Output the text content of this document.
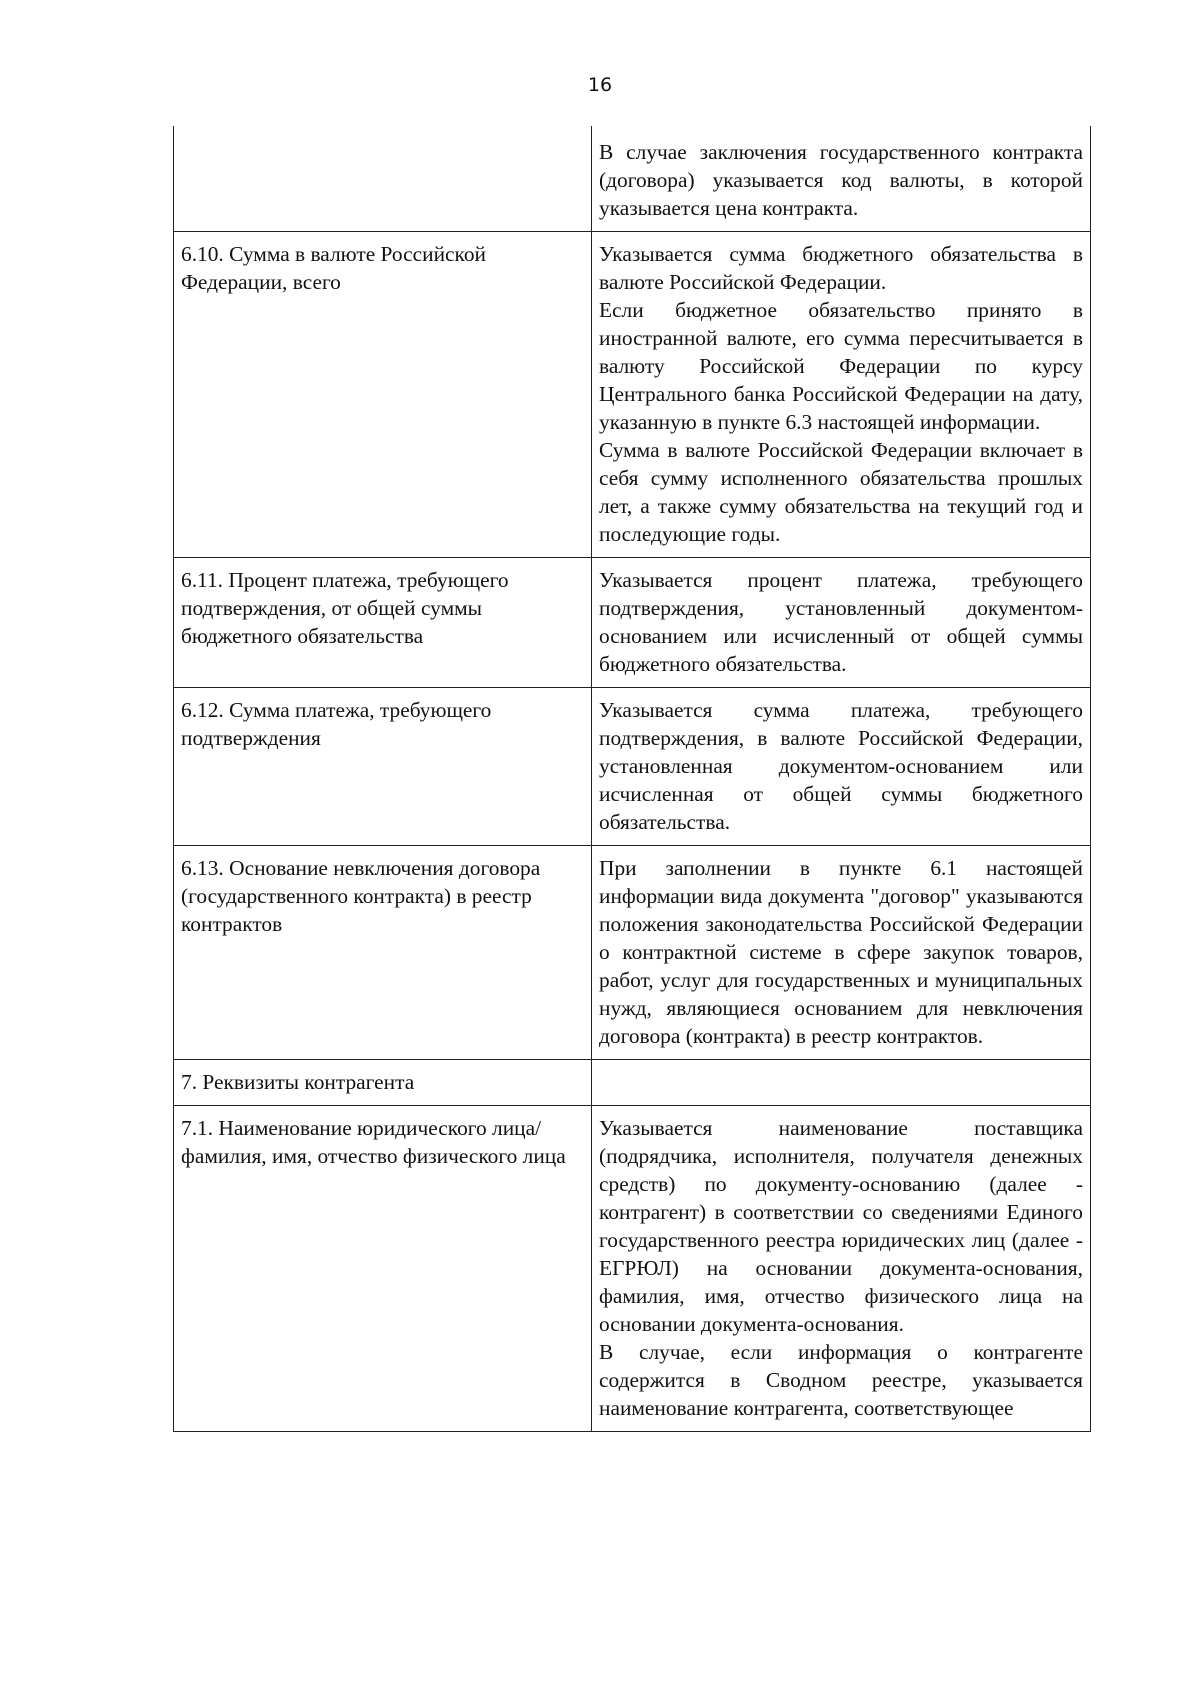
16

	В случае заключения государственного контракта (договора) указывается код валюты, в которой указывается цена контракта.

6.10. Сумма в валюте Российской Федерации, всего	Указывается сумма бюджетного обязательства в валюте Российской Федерации.

Если бюджетное обязательство принято в иностранной валюте, его сумма пересчитывается в валюту Российской Федерации по курсу Центрального банка Российской Федерации на дату, указанную в пункте 6.3 настоящей информации.

Сумма в валюте Российской Федерации включает в себя сумму исполненного обязательства прошлых лет, а также сумму обязательства на текущий год и последующие годы.

6.11. Процент платежа, требующего подтверждения, от общей суммы бюджетного обязательства	Указывается процент платежа, требующего подтверждения, установленный документом-основанием или исчисленный от общей суммы бюджетного обязательства.

6.12. Сумма платежа, требующего подтверждения	Указывается сумма платежа, требующего подтверждения, в валюте Российской Федерации, установленная документом-основанием или исчисленная от общей суммы бюджетного обязательства.

6.13. Основание невключения договора (государственного контракта) в реестр контрактов	При заполнении в пункте 6.1 настоящей информации вида документа "договор" указываются положения законодательства Российской Федерации о контрактной системе в сфере закупок товаров, работ, услуг для государственных и муниципальных нужд, являющиеся основанием для невключения договора (контракта) в реестр контрактов.

7. Реквизиты контрагента	
7.1. Наименование юридического лица/ фамилия, имя, отчество физического лица	Указывается наименование поставщика (подрядчика, исполнителя, получателя денежных средств) по документу-основанию (далее - контрагент) в соответствии со сведениями Единого государственного реестра юридических лиц (далее - ЕГРЮЛ) на основании документа-основания, фамилия, имя, отчество физического лица на основании документа-основания.

В случае, если информация о контрагенте содержится в Сводном реестре, указывается наименование контрагента, соответствующее
